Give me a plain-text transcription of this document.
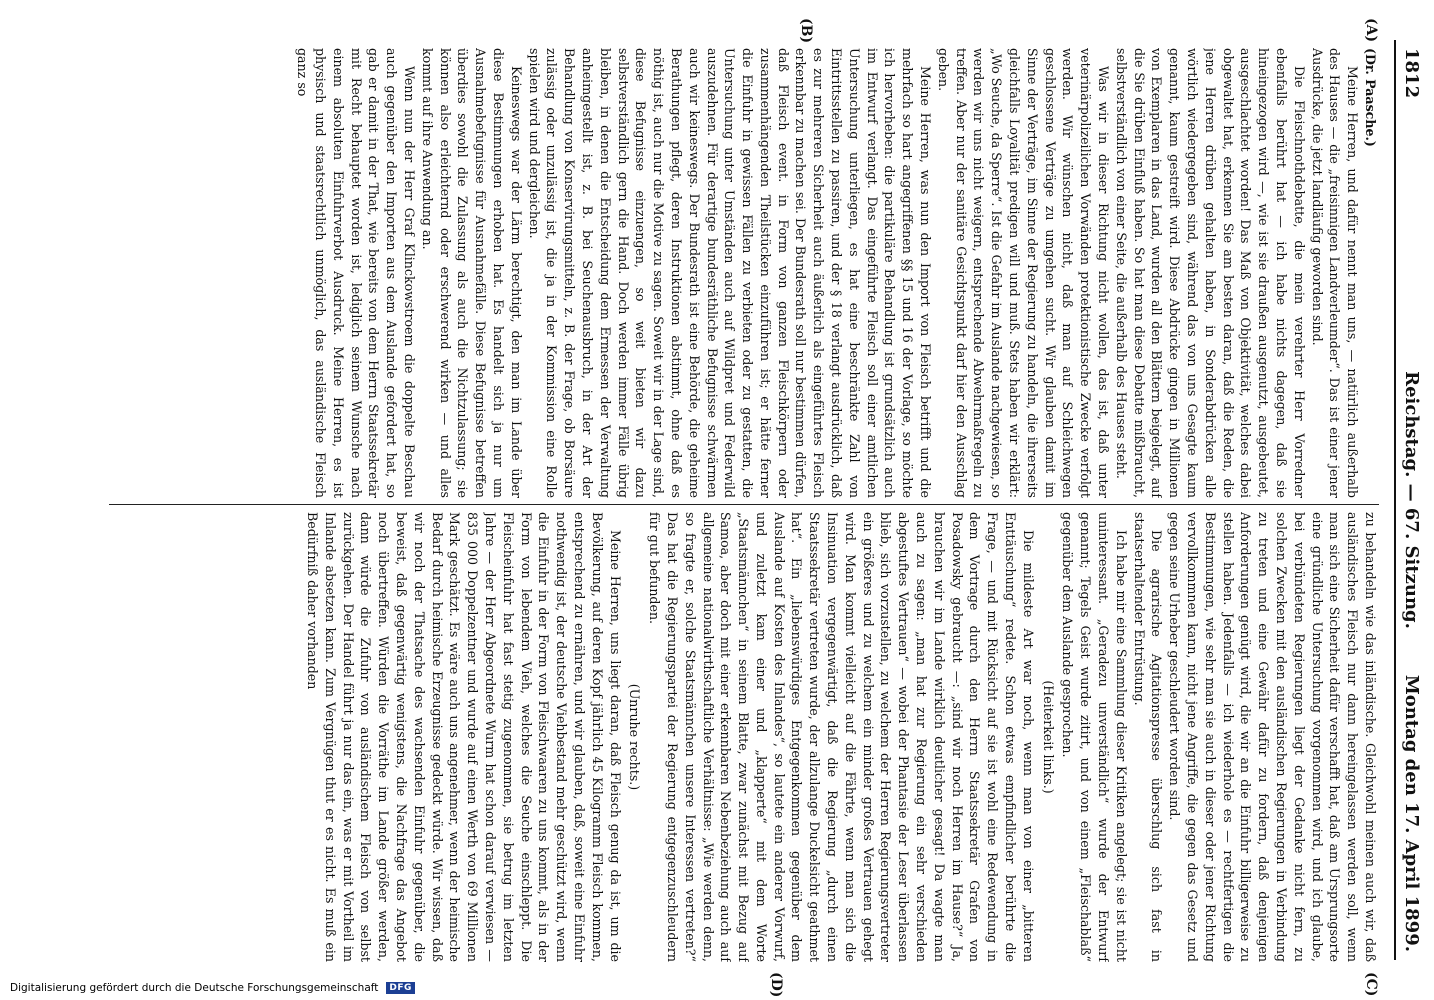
1812
Reichstag. — 67. Sitzung.
Montag den 17. April 1899.
(A)
(B)
(C)
(D)

(Dr. Paasche.)

Meine Herren, und dafür nennt man uns, — natürlich außerhalb des Hauses — die „freisinnigen Landverleumder“. Das ist einer jener Ausdrücke, die jetzt landläufig geworden sind.

Die Fleischnothdebatte, die mein verehrter Herr Vorredner ebenfalls berührt hat — ich habe nichts dagegen, daß sie hineingezogen wird —, wie ist sie draußen ausgenutzt, ausgebeutet, ausgeschlachtet worden! Das Maß von Objektivität, welches dabei obgewaltet hat, erkennen Sie am besten daran, daß die Reden, die jene Herren drüben gehalten haben, in Sonderabdrücken alle wörtlich wiedergegeben sind, während das von uns Gesagte kaum genannt, kaum gestreift wird. Diese Abdrücke gingen in Millionen von Exemplaren in das Land, wurden all den Blättern beigelegt, auf die Sie drüben Einfluß haben. So hat man diese Debatte mißbraucht, selbstverständlich von einer Seite, die außerhalb des Hauses steht.

Was wir in dieser Richtung nicht wollen, das ist, daß unter veterinärpolizeilichen Vorwänden protektionistische Zwecke verfolgt werden. Wir wünschen nicht, daß man auf Schleichwegen geschlossene Verträge zu umgehen sucht. Wir glauben damit im Sinne der Verträge, im Sinne der Regierung zu handeln, die ihrerseits gleichfalls Loyalität predigen will und muß. Stets haben wir erklärt: „Wo Seuche, da Sperre“. Ist die Gefahr im Auslande nachgewiesen, so werden wir uns nicht weigern, entsprechende Abwehrmaßregeln zu treffen. Aber nur der sanitäre Gesichtspunkt darf hier den Ausschlag geben.

Meine Herren, was nun den Import von Fleisch betrifft und die mehrfach so hart angegriffenen §§ 15 und 16 der Vorlage, so möchte ich hervorheben: die partikuläre Behandlung ist grundsätzlich auch im Entwurf verlangt. Das eingeführte Fleisch soll einer amtlichen Untersuchung unterliegen, es hat eine beschränkte Zahl von Eintrittsstellen zu passiren, und der § 18 verlangt ausdrücklich, daß es zur mehreren Sicherheit auch äußerlich als eingeführtes Fleisch erkennbar zu machen sei. Der Bundesrath soll nur bestimmen dürfen, daß Fleisch event. in Form von ganzen Fleischkörpern oder zusammenhängenden Theilstücken einzuführen ist; er hätte ferner die Einfuhr in gewissen Fällen zu verbieten oder zu gestatten, die Untersuchung unter Umständen auch auf Wildpret und Federwild auszudehnen. Für derartige bundesräthliche Befugnisse schwärmen auch wir keineswegs. Der Bundesrath ist eine Behörde, die geheime Berathungen pflegt, deren Instruktionen abstimmt, ohne daß es nöthig ist, auch nur die Motive zu sagen. Soweit wir in der Lage sind, diese Befugnisse einzuengen, so weit bieten wir dazu selbstverständlich gern die Hand. Doch werden immer Fälle übrig bleiben, in denen die Entscheidung dem Ermessen der Verwaltung anheimgestellt ist, z. B. bei Seuchenausbruch, in der Art der Behandlung von Konservirungsmitteln, z. B. der Frage, ob Borsäure zulässig oder unzulässig ist, die ja in der Kommission eine Rolle spielen wird und dergleichen.

Keineswegs war der Lärm berechtigt, den man im Lande über diese Bestimmungen erhoben hat. Es handelt sich ja nur um Ausnahmebefugnisse für Ausnahmefälle. Diese Befugnisse betreffen überdies sowohl die Zulassung als auch die Nichtzulassung; sie können also erleichternd oder erschwerend wirken — und alles kommt auf ihre Anwendung an.

Wenn nun der Herr Graf Klinckowstroem die doppelte Beschau auch gegenüber den Importen aus dem Auslande gefordert hat, so gab er damit in der That, wie bereits von dem Herrn Staatssekretär mit Recht behauptet worden ist, lediglich seinem Wunsche nach einem absoluten Einfuhrverbot Ausdruck. Meine Herren, es ist physisch und staatsrechtlich unmöglich, das ausländische Fleisch ganz so

zu behandeln wie das inländische. Gleichwohl meinen auch wir, daß ausländisches Fleisch nur dann hereingelassen werden soll, wenn man sich eine Sicherheit dafür verschafft hat, daß am Ursprungsorte eine gründliche Untersuchung vorgenommen wird, und ich glaube, bei verbündeten Regierungen liegt der Gedanke nicht fern, zu solchen Zwecken mit den ausländischen Regierungen in Verbindung zu treten und eine Gewähr dafür zu fordern, daß denjenigen Anforderungen genügt wird, die wir an die Einfuhr billigerweise zu stellen haben. Jedenfalls — ich wiederhole es — rechtfertigen die Bestimmungen, wie sehr man sie auch in dieser oder jener Richtung vervollkommnen kann, nicht jene Angriffe, die gegen das Gesetz und gegen seine Urheber geschleudert worden sind.

Die agrarische Agitationspresse überschlug sich fast in staatserhaltender Entrüstung.

Ich habe mir eine Sammlung dieser Kritiken angelegt; sie ist nicht uninteressant. „Geradezu unverständlich“ wurde der Entwurf genannt; Tegels Geist wurde zitirt, und von einem „Fleischablaß“ gegenüber dem Auslande gesprochen.

(Heiterkeit links.)

Die mildeste Art war noch, wenn man von einer „bitteren Enttäuschung“ redete. Schon etwas empfindlicher berührte die Frage, — und mit Rücksicht auf sie ist wohl eine Redewendung in dem Vortrage durch den Herrn Staatssekretär Grafen von Posadowsky gebraucht —: „sind wir noch Herren im Hause?“ Ja, brauchen wir im Lande wirklich deutlicher gesagt! Da wagte man auch zu sagen: „man hat zur Regierung ein sehr verschieden abgestuftes Vertrauen“ — wobei der Phantasie der Leser überlassen blieb, sich vorzustellen, zu welchem der Herren Regierungsvertreter ein größeres und zu welchem ein minder großes Vertrauen gehegt wird. Man kommt vielleicht auf die Fährte, wenn man sich die Insinuation vergegenwärtigt, daß die Regierung „durch einen Staatssekretär vertreten wurde, der allzulange Duckelsicht geathmet hat“. Ein „liebenswürdiges Entgegenkommen gegenüber dem Auslande auf Kosten des Inlandes“, so lautete ein anderer Vorwurf, und zuletzt kam einer und „klapperte“ mit dem Worte „Staatsmännchen“ in seinem Blatte, zwar zunächst mit Bezug auf Samoa, aber doch mit einer erkennbaren Nebenbeziehung auch auf allgemeine nationalwirthschaftliche Verhältnisse: „Wie werden denn, so fragte er, solche Staatsmännchen unsere Interessen vertreten?“ Das hat die Regierungspartei der Regierung entgegenzuschleudern für gut befunden.

(Unruhe rechts.)

Meine Herren, uns liegt daran, daß Fleisch genug da ist, um die Bevölkerung, auf deren Kopf jährlich 45 Kilogramm Fleisch kommen, entsprechend zu ernähren, und wir glauben, daß, soweit eine Einfuhr nothwendig ist, der deutsche Viehbestand mehr geschützt wird, wenn die Einfuhr in der Form von Fleischwaaren zu uns kommt, als in der Form von lebendem Vieh, welches die Seuche einschleppt. Die Fleischeinfuhr hat fast stetig zugenommen, sie betrug im letzten Jahre — der Herr Abgeordnete Wurm hat schon darauf verwiesen — 835 000 Doppelzentner und wurde auf einen Werth von 69 Millionen Mark geschätzt. Es wäre auch uns angenehmer, wenn der heimische Bedarf durch heimische Erzeugnisse gedeckt würde. Wir wissen, daß wir noch der Thatsache des wachsenden Einfuhr gegenüber, die beweist, daß gegenwärtig wenigstens, die Nachfrage das Angebot noch übertreffen. Würden die Vorräthe im Lande größer werden, dann würde die Zufuhr von ausländischem Fleisch von selbst zurückgehen. Der Handel führt ja nur das ein, was er mit Vortheil im Inlande absetzen kann. Zum Vergnügen thut er es nicht. Es muß ein Bedürfniß daher vorhanden

Digitalisierung gefördert durch die Deutsche Forschungsgemeinschaft	DFG
